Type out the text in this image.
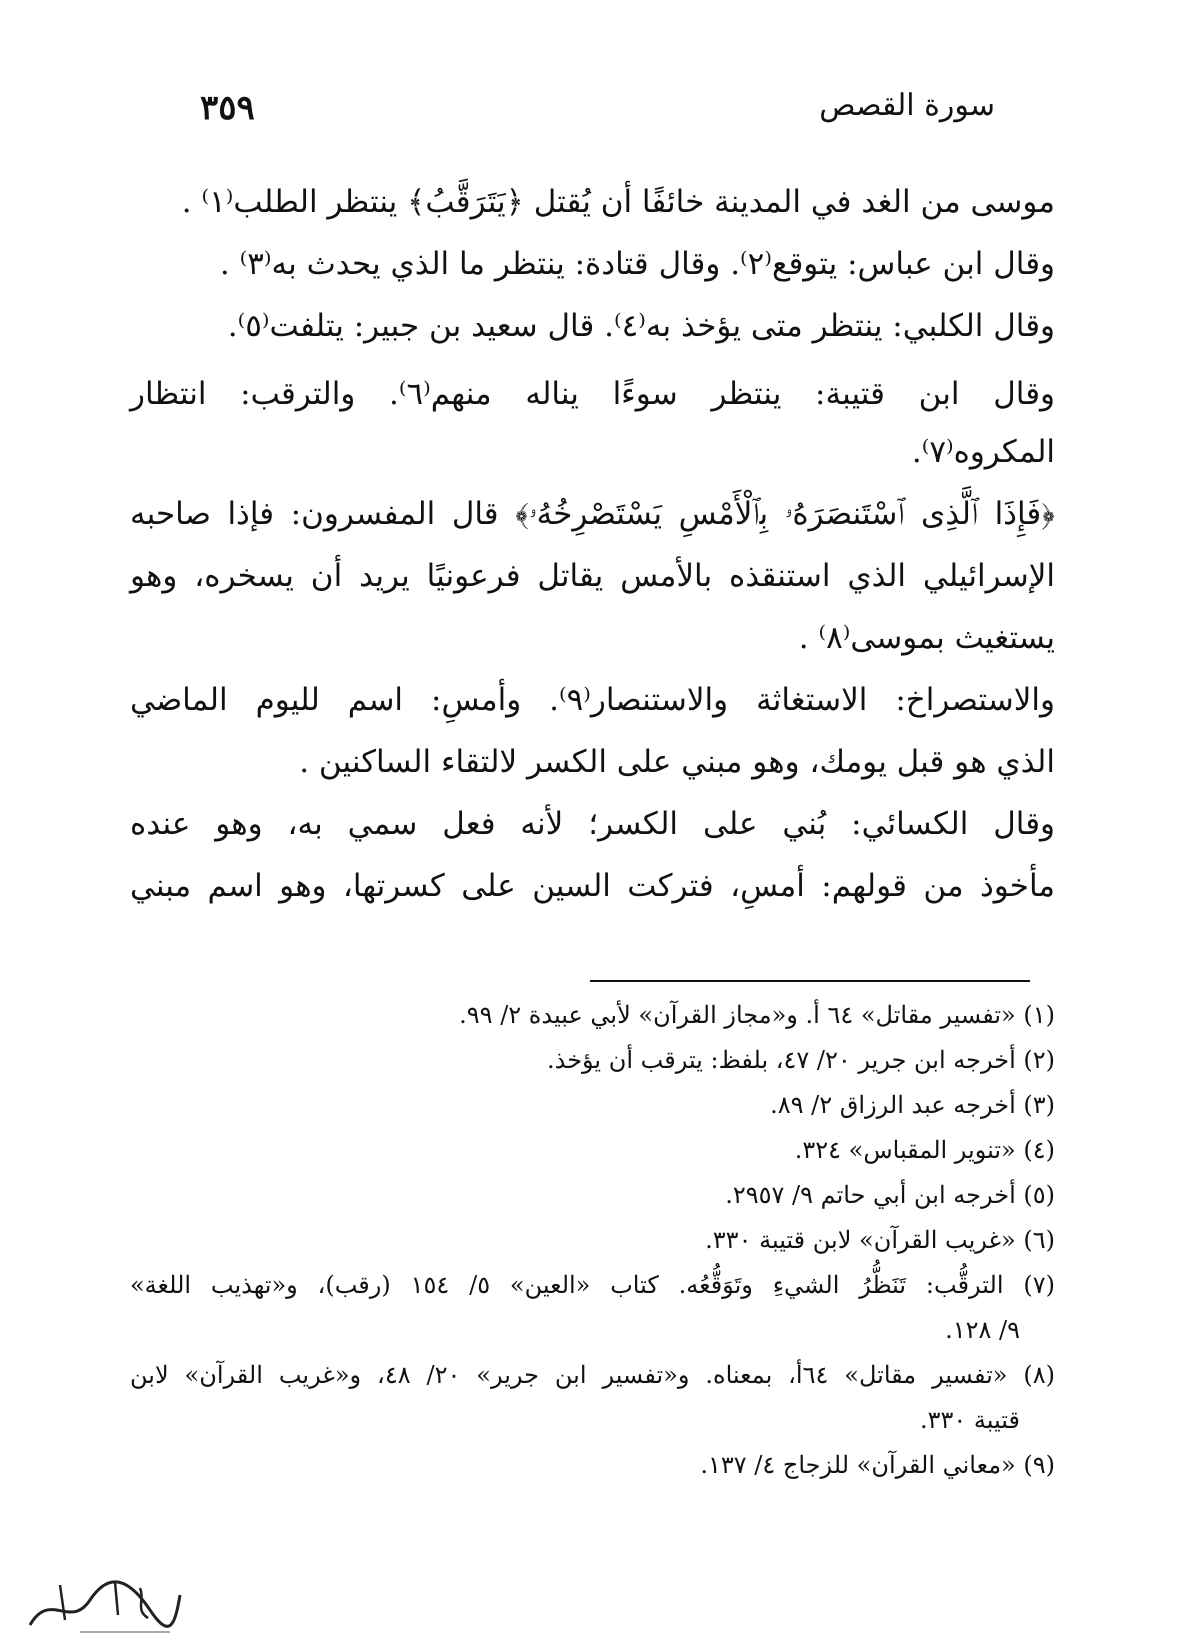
سورة القصص
٣٥٩
موسى من الغد في المدينة خائفًا أن يُقتل ﴿يَتَرَقَّبُ﴾ ينتظر الطلب⁽١⁾ .
وقال ابن عباس: يتوقع⁽٢⁾. وقال قتادة: ينتظر ما الذي يحدث به⁽٣⁾ .
وقال الكلبي: ينتظر متى يؤخذ به⁽٤⁾. قال سعيد بن جبير: يتلفت⁽٥⁾.
وقال ابن قتيبة: ينتظر سوءًا يناله منهم⁽٦⁾. والترقب: انتظار
المكروه⁽٧⁾.
﴿فَإِذَا ٱلَّذِى ٱسْتَنصَرَهُۥ بِٱلْأَمْسِ يَسْتَصْرِخُهُۥ﴾ قال المفسرون: فإذا صاحبه
الإسرائيلي الذي استنقذه بالأمس يقاتل فرعونيًا يريد أن يسخره، وهو
يستغيث بموسى⁽٨⁾ .
والاستصراخ: الاستغاثة والاستنصار⁽٩⁾. وأمسِ: اسم لليوم الماضي
الذي هو قبل يومك، وهو مبني على الكسر لالتقاء الساكنين .
وقال الكسائي: بُني على الكسر؛ لأنه فعل سمي به، وهو عنده
مأخوذ من قولهم: أمسِ، فتركت السين على كسرتها، وهو اسم مبني
(١) «تفسير مقاتل» ٦٤ أ. و«مجاز القرآن» لأبي عبيدة ٢/ ٩٩.
(٢) أخرجه ابن جرير ٢٠/ ٤٧، بلفظ: يترقب أن يؤخذ.
(٣) أخرجه عبد الرزاق ٢/ ٨٩.
(٤) «تنوير المقباس» ٣٢٤.
(٥) أخرجه ابن أبي حاتم ٩/ ٢٩٥٧.
(٦) «غريب القرآن» لابن قتيبة ٣٣٠.
(٧) الترقُّب: تَنَظُّرُ الشيءِ وتَوَقُّعُه. كتاب «العين» ٥/ ١٥٤ (رقب)، و«تهذيب اللغة»
٩/ ١٢٨.
(٨) «تفسير مقاتل» ٦٤أ، بمعناه. و«تفسير ابن جرير» ٢٠/ ٤٨، و«غريب القرآن» لابن
قتيبة ٣٣٠.
(٩) «معاني القرآن» للزجاج ٤/ ١٣٧.
